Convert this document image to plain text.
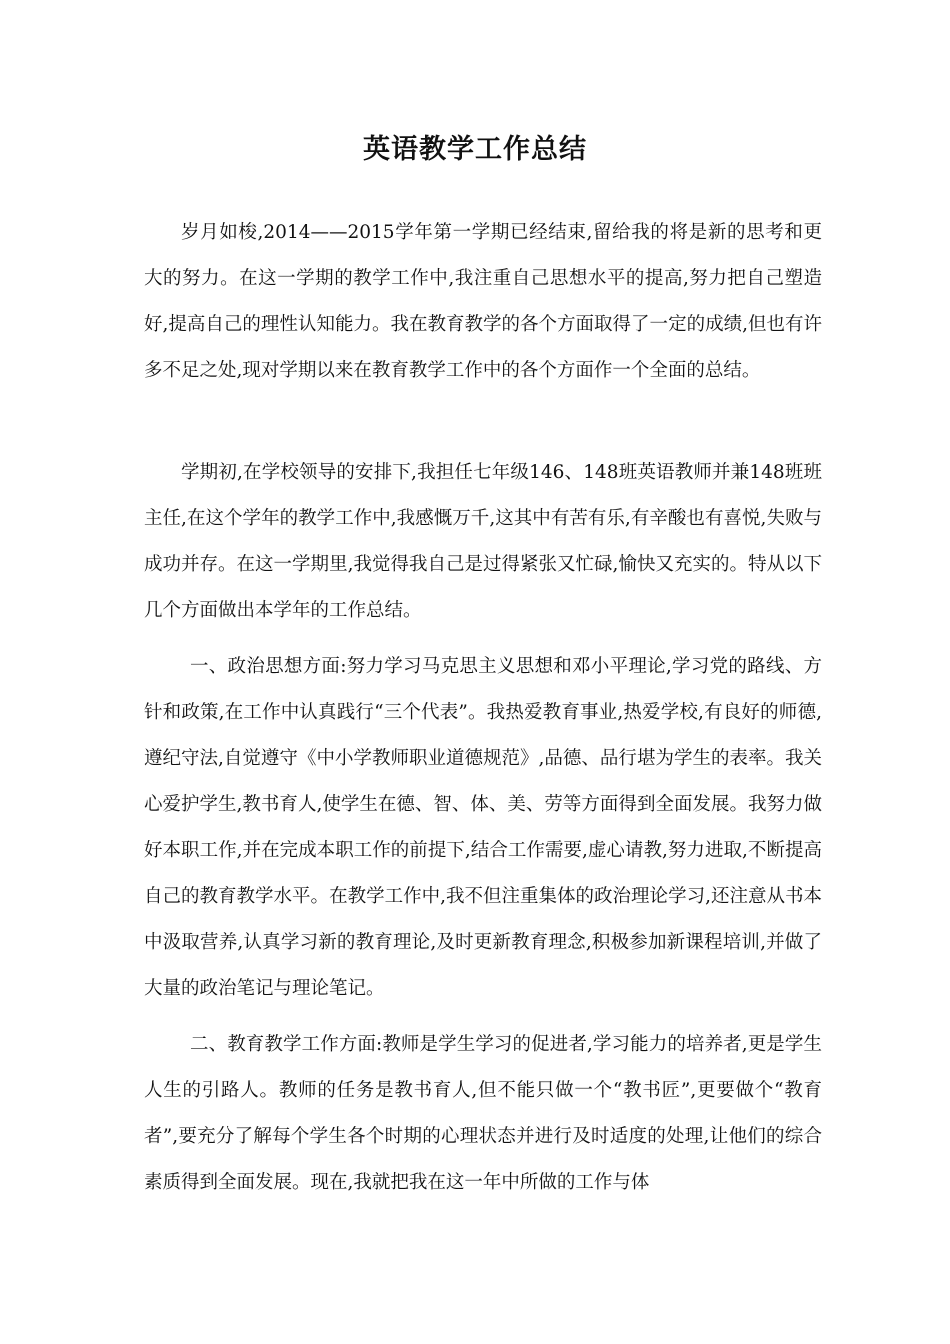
英语教学工作总结

岁月如梭,2014——2015学年第一学期已经结束,留给我的将是新的思考和更大的努力。在这一学期的教学工作中,我注重自己思想水平的提高,努力把自己塑造好,提高自己的理性认知能力。我在教育教学的各个方面取得了一定的成绩,但也有许多不足之处,现对学期以来在教育教学工作中的各个方面作一个全面的总结。

学期初,在学校领导的安排下,我担任七年级146、148班英语教师并兼148班班主任,在这个学年的教学工作中,我感慨万千,这其中有苦有乐,有辛酸也有喜悦,失败与成功并存。在这一学期里,我觉得我自己是过得紧张又忙碌,愉快又充实的。特从以下几个方面做出本学年的工作总结。

一、政治思想方面:努力学习马克思主义思想和邓小平理论,学习党的路线、方针和政策,在工作中认真践行“三个代表”。我热爱教育事业,热爱学校,有良好的师德,遵纪守法,自觉遵守《中小学教师职业道德规范》,品德、品行堪为学生的表率。我关心爱护学生,教书育人,使学生在德、智、体、美、劳等方面得到全面发展。我努力做好本职工作,并在完成本职工作的前提下,结合工作需要,虚心请教,努力进取,不断提高自己的教育教学水平。在教学工作中,我不但注重集体的政治理论学习,还注意从书本中汲取营养,认真学习新的教育理论,及时更新教育理念,积极参加新课程培训,并做了大量的政治笔记与理论笔记。

二、教育教学工作方面:教师是学生学习的促进者,学习能力的培养者,更是学生人生的引路人。教师的任务是教书育人,但不能只做一个“教书匠”,更要做个“教育者”,要充分了解每个学生各个时期的心理状态并进行及时适度的处理,让他们的综合素质得到全面发展。现在,我就把我在这一年中所做的工作与体
